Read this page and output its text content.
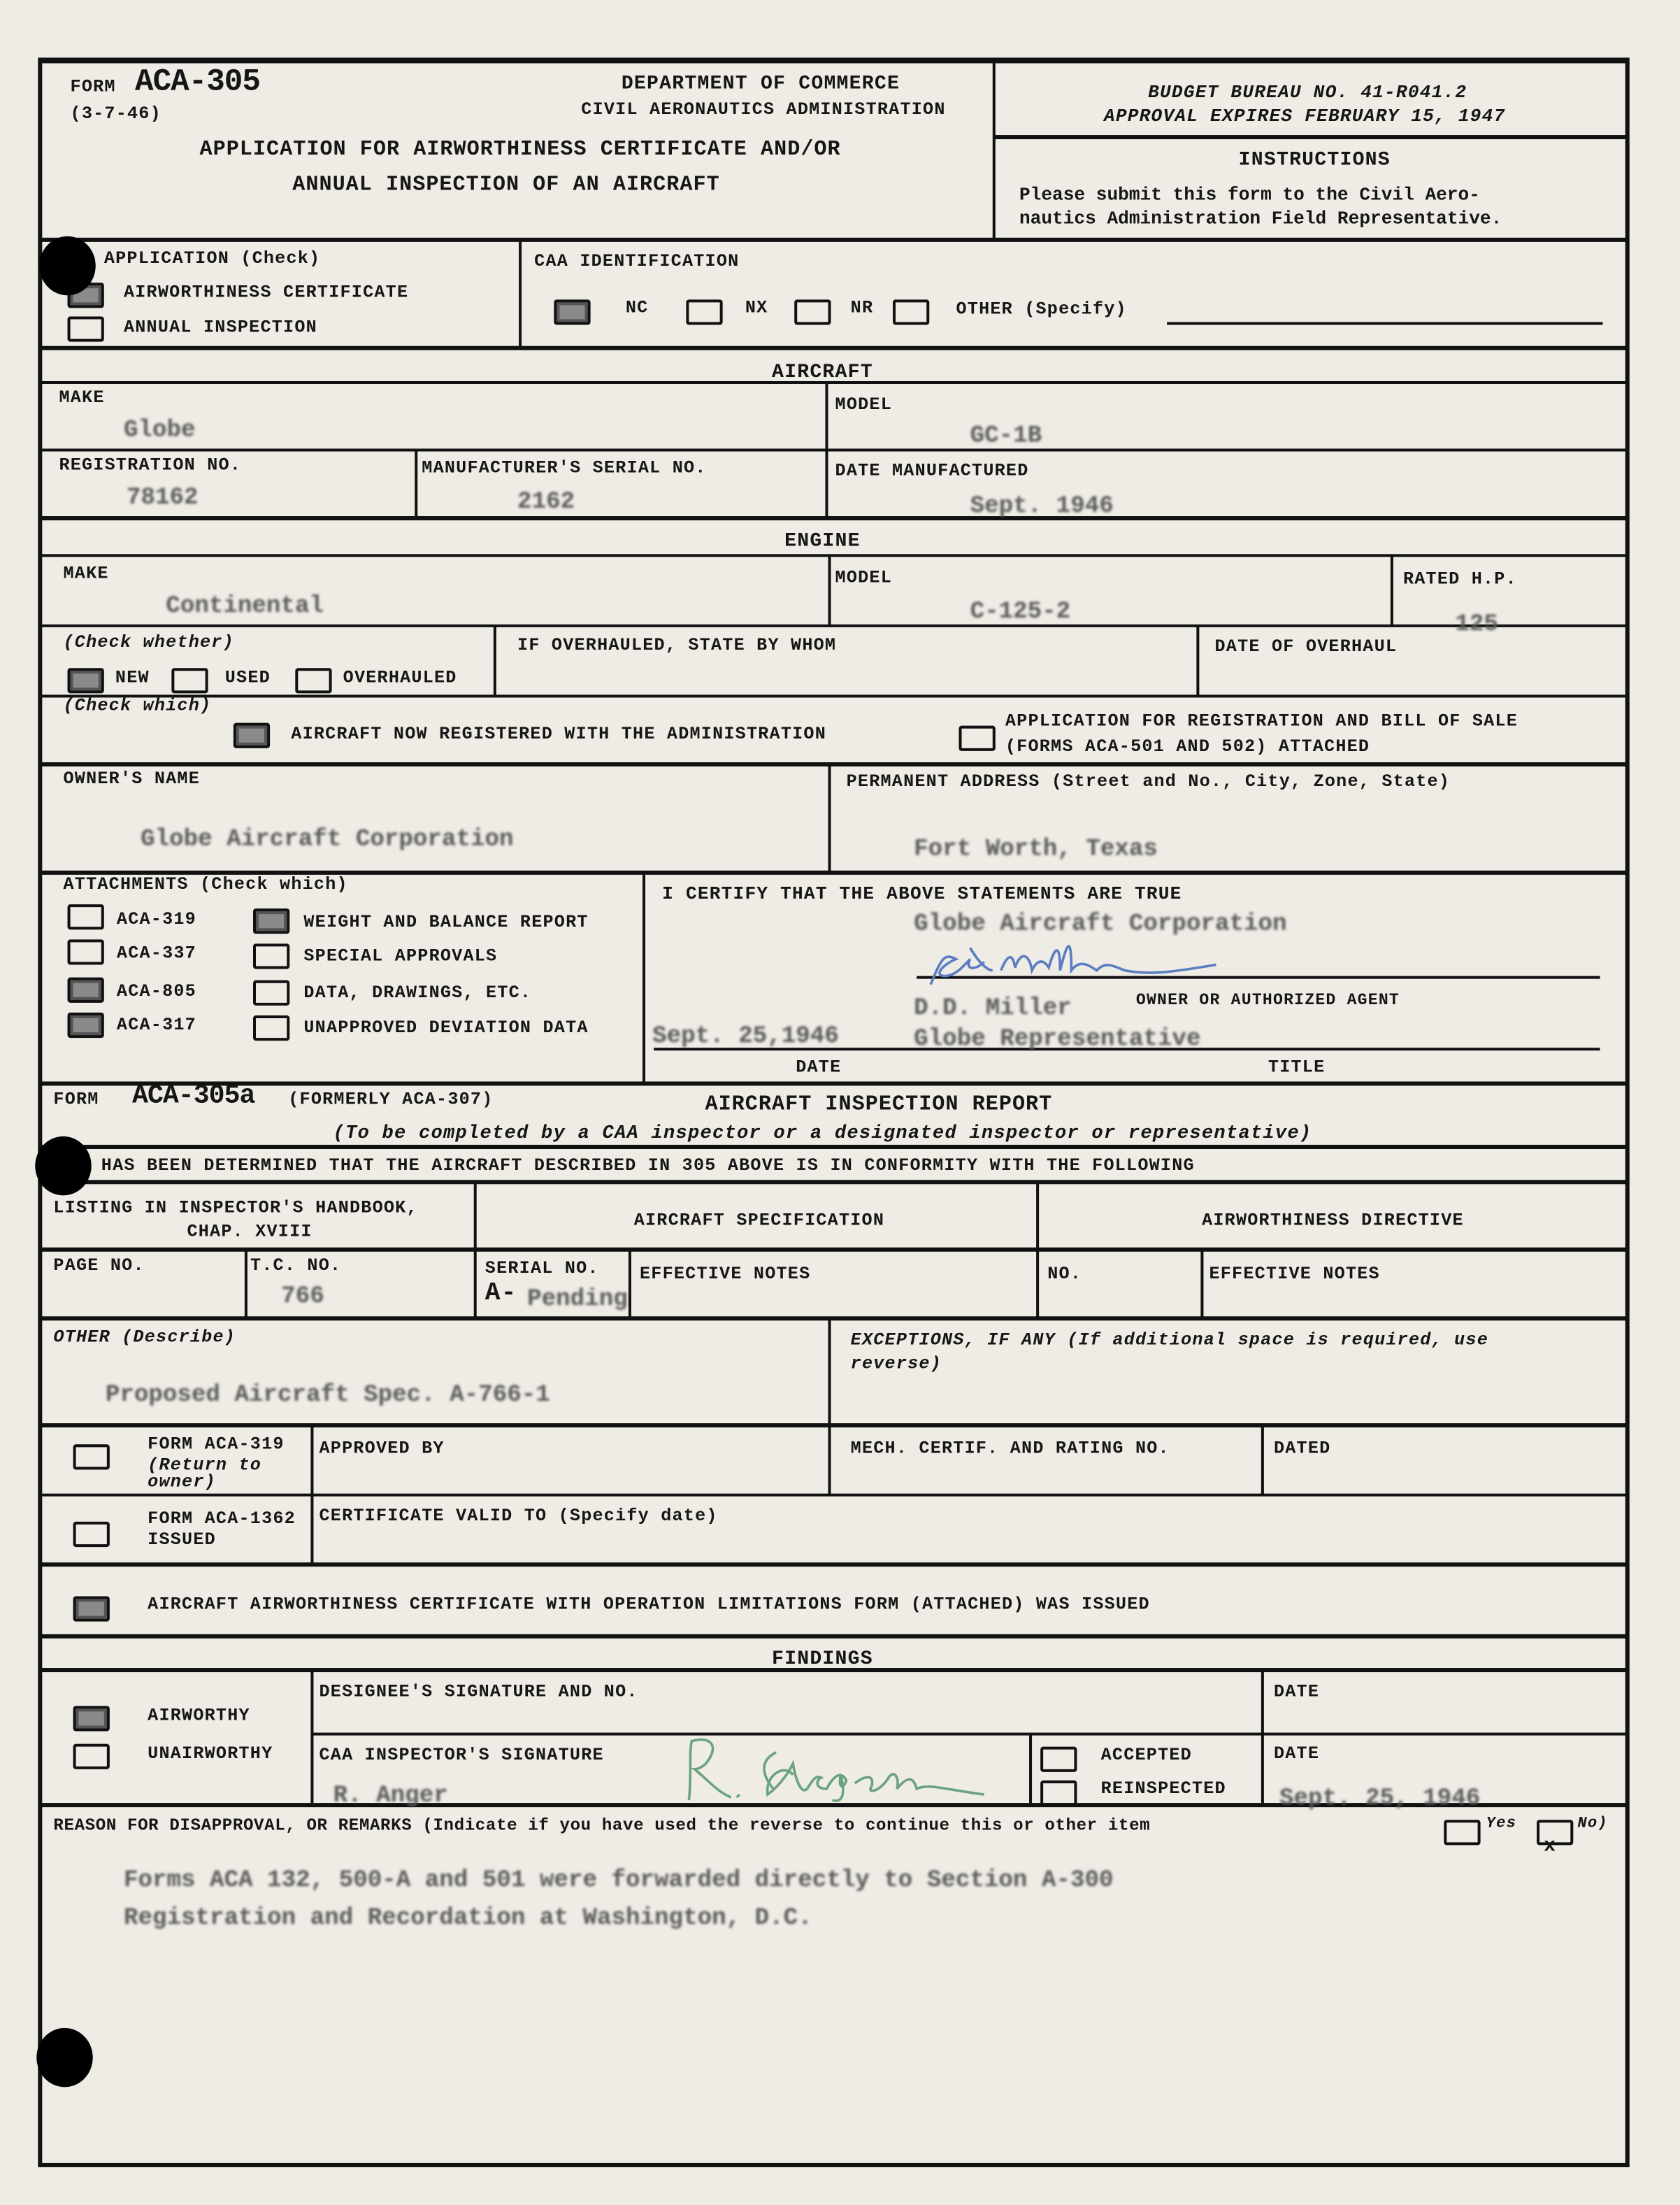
FORM ACA-305
(3-7-46)
DEPARTMENT OF COMMERCE
CIVIL AERONAUTICS ADMINISTRATION
APPLICATION FOR AIRWORTHINESS CERTIFICATE AND/OR
ANNUAL INSPECTION OF AN AIRCRAFT
BUDGET BUREAU NO. 41-R041.2
APPROVAL EXPIRES FEBRUARY 15, 1947
INSTRUCTIONS
Please submit this form to the Civil Aero-
nautics Administration Field Representative.
APPLICATION (Check)
AIRWORTHINESS CERTIFICATE
ANNUAL INSPECTION
CAA IDENTIFICATION
NC	NX	NR	OTHER (Specify)
AIRCRAFT
MAKE
Globe
MODEL
GC-1B
REGISTRATION NO.
78162
MANUFACTURER'S SERIAL NO.
2162
DATE MANUFACTURED
Sept. 1946
ENGINE
MAKE
Continental
MODEL
C-125-2
RATED H.P.
125
(Check whether)
NEW	USED	OVERHAULED
IF OVERHAULED, STATE BY WHOM	DATE OF OVERHAUL
(Check which)
AIRCRAFT NOW REGISTERED WITH THE ADMINISTRATION
APPLICATION FOR REGISTRATION AND BILL OF SALE
(FORMS ACA-501 AND 502) ATTACHED
OWNER'S NAME
Globe Aircraft Corporation
PERMANENT ADDRESS (Street and No., City, Zone, State)
Fort Worth, Texas
ATTACHMENTS (Check which)
ACA-319
ACA-337
ACA-805
ACA-317
WEIGHT AND BALANCE REPORT
SPECIAL APPROVALS
DATA, DRAWINGS, ETC.
UNAPPROVED DEVIATION DATA
I CERTIFY THAT THE ABOVE STATEMENTS ARE TRUE
Globe Aircraft Corporation
D.D. Miller	OWNER OR AUTHORIZED AGENT
Sept. 25,1946	Globe Representative
DATE	TITLE
FORM ACA-305a	(FORMERLY ACA-307)	AIRCRAFT INSPECTION REPORT
(To be completed by a CAA inspector or a designated inspector or representative)
HAS BEEN DETERMINED THAT THE AIRCRAFT DESCRIBED IN 305 ABOVE IS IN CONFORMITY WITH THE FOLLOWING
LISTING IN INSPECTOR'S HANDBOOK,
CHAP. XVIII
AIRCRAFT SPECIFICATION	AIRWORTHINESS DIRECTIVE
PAGE NO.	T.C. NO.
766
SERIAL NO.
A- Pending
EFFECTIVE NOTES	NO.	EFFECTIVE NOTES
OTHER (Describe)
Proposed Aircraft Spec. A-766-1
EXCEPTIONS, IF ANY (If additional space is required, use
reverse)
FORM ACA-319
(Return to
owner)
APPROVED BY	MECH. CERTIF. AND RATING NO.	DATED
FORM ACA-1362
ISSUED
CERTIFICATE VALID TO (Specify date)
AIRCRAFT AIRWORTHINESS CERTIFICATE WITH OPERATION LIMITATIONS FORM (ATTACHED) WAS ISSUED
FINDINGS
AIRWORTHY
UNAIRWORTHY
DESIGNEE'S SIGNATURE AND NO.	DATE
CAA INSPECTOR'S SIGNATURE
R. Anger
ACCEPTED
REINSPECTED
DATE
Sept. 25, 1946
REASON FOR DISAPPROVAL, OR REMARKS (Indicate if you have used the reverse to continue this or other item	Yes	No)
x
Forms ACA 132, 500-A and 501 were forwarded directly to Section A-300
Registration and Recordation at Washington, D.C.
